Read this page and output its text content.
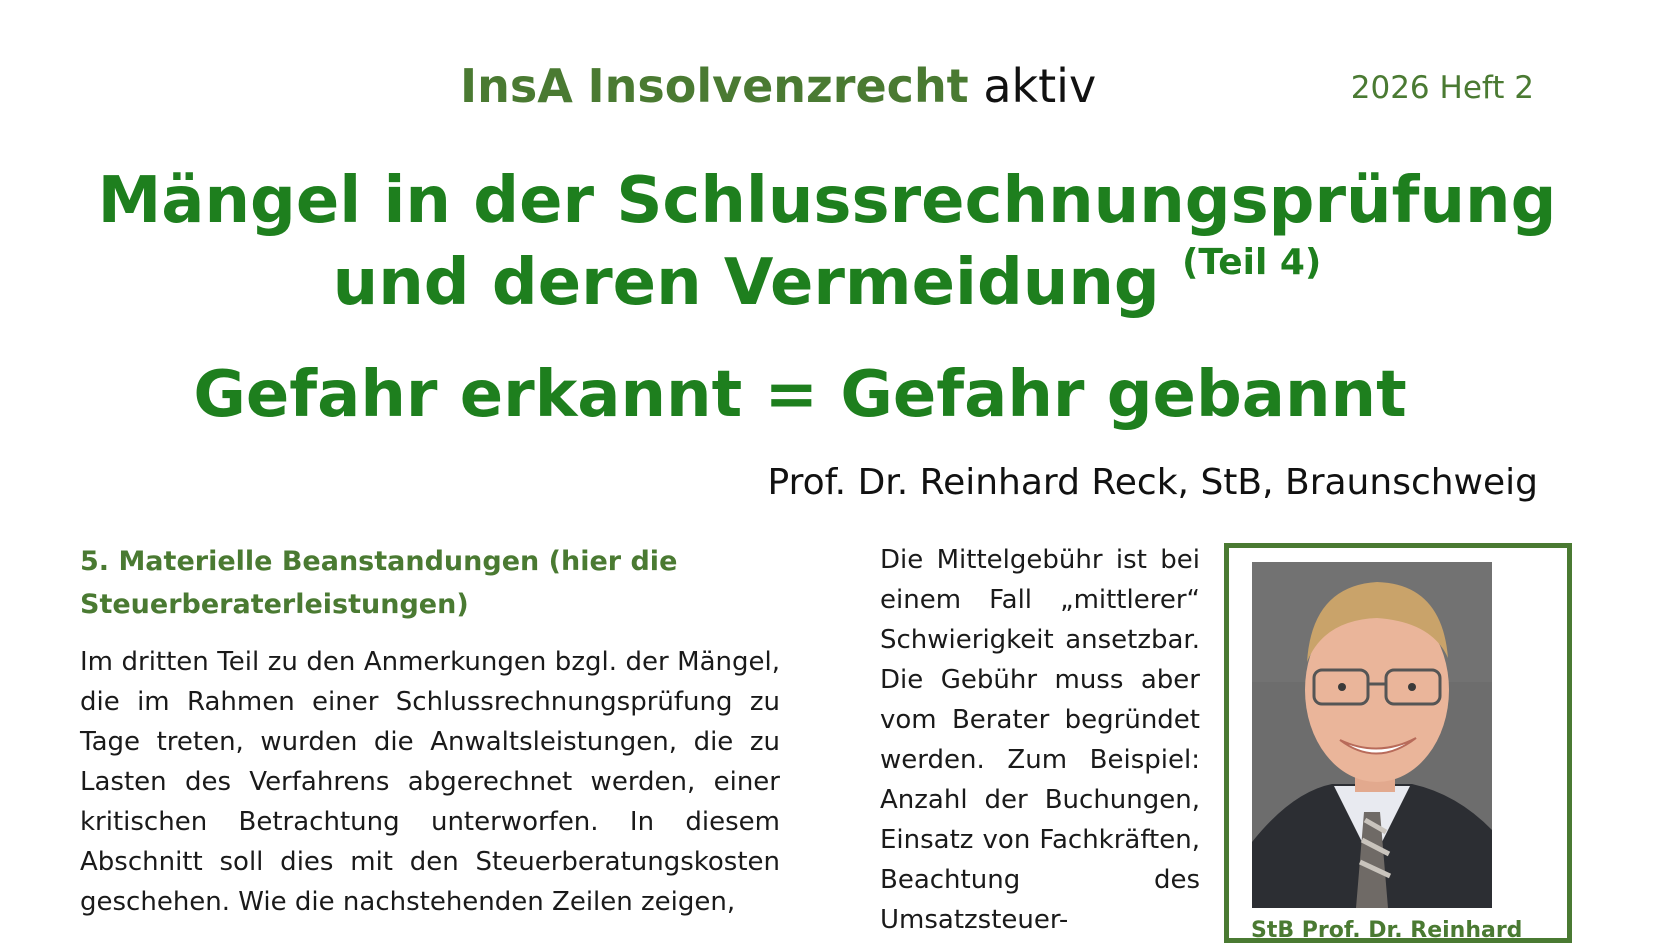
InsA Insolvenzrecht aktiv	2026 Heft 2
Mängel in der Schlussrechnungsprüfung
und deren Vermeidung $^{(Teil 4)}$
Gefahr erkannt = Gefahr gebannt
Prof. Dr. Reinhard Reck, StB, Braunschweig

5. Materielle Beanstandungen (hier die Steuerberaterleistungen)

Im dritten Teil zu den Anmerkungen bzgl. der Mängel, die im Rahmen einer Schlussrechnungsprüfung zu Tage treten, wurden die Anwaltsleistungen, die zu Lasten des Verfahrens abgerechnet werden, einer kritischen Betrachtung unterworfen. In diesem Abschnitt soll dies mit den Steuerberatungskosten geschehen. Wie die nachstehenden Zeilen zeigen,

Die Mittelgebühr ist bei einem Fall „mittlerer“ Schwierigkeit ansetzbar. Die Gebühr muss aber vom Berater begründet werden. Zum Beispiel: Anzahl der Buchungen, Einsatz von Fachkräften, Beachtung des Umsatzsteuer-	StB Prof. Dr. Reinhard
